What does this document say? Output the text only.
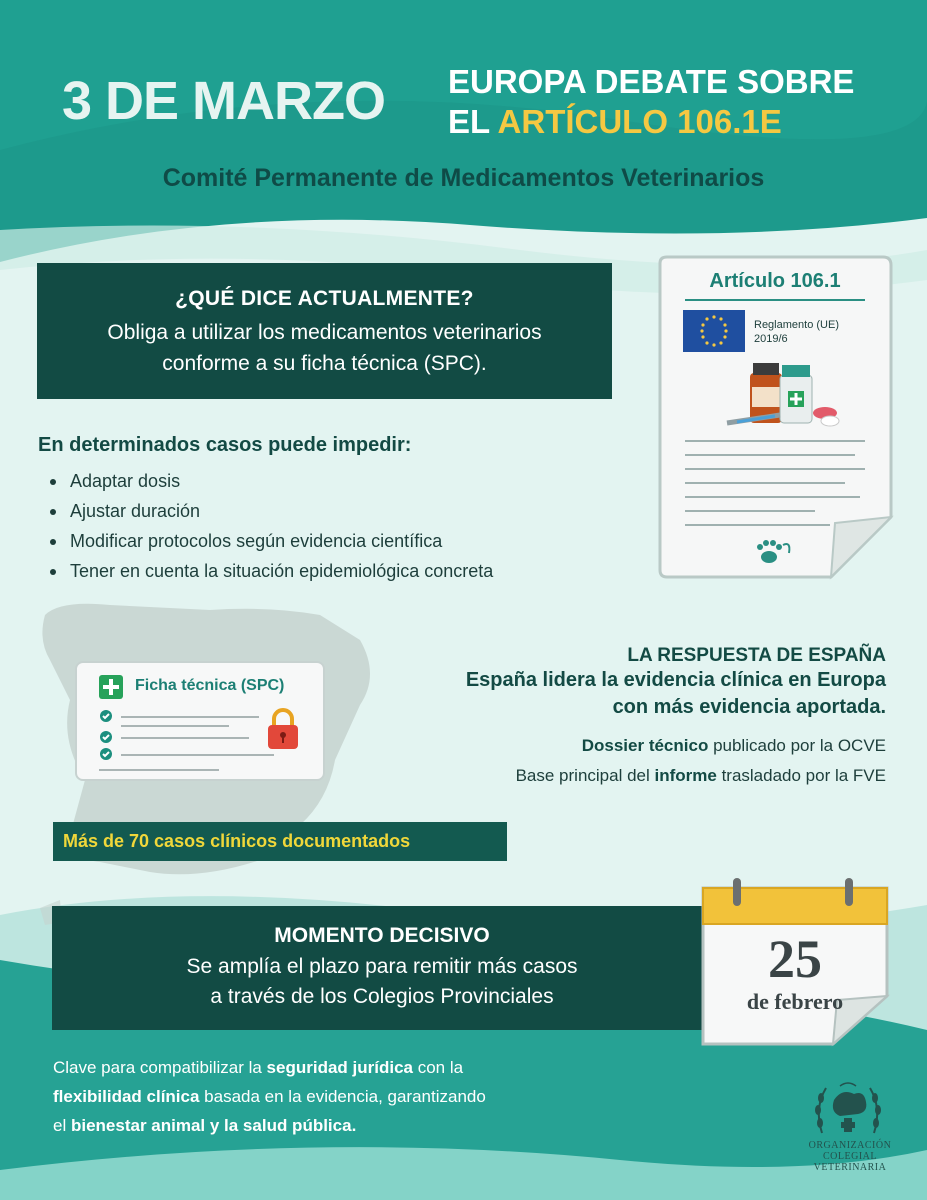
3 DE MARZO EUROPA DEBATE SOBRE
EL ARTÍCULO 106.1E
Comité Permanente de Medicamentos Veterinarios
¿QUÉ DICE ACTUALMENTE?
Obliga a utilizar los medicamentos veterinarios
conforme a su ficha técnica (SPC).
Artículo 106.1
Reglamento (UE)
2019/6
En determinados casos puede impedir:
Adaptar dosis
Ajustar duración
Modificar protocolos según evidencia científica
Tener en cuenta la situación epidemiológica concreta
Ficha técnica (SPC)
LA RESPUESTA DE ESPAÑA
España lidera la evidencia clínica en Europa
con más evidencia aportada.
Dossier técnico publicado por la OCVE
Base principal del informe trasladado por la FVE
Más de 70 casos clínicos documentados
MOMENTO DECISIVO
Se amplía el plazo para remitir más casos
a través de los Colegios Provinciales
25
de febrero
Clave para compatibilizar la seguridad jurídica con la
flexibilidad clínica basada en la evidencia, garantizando
el bienestar animal y la salud pública.
ORGANIZACIÓN
COLEGIAL
VETERINARIA
